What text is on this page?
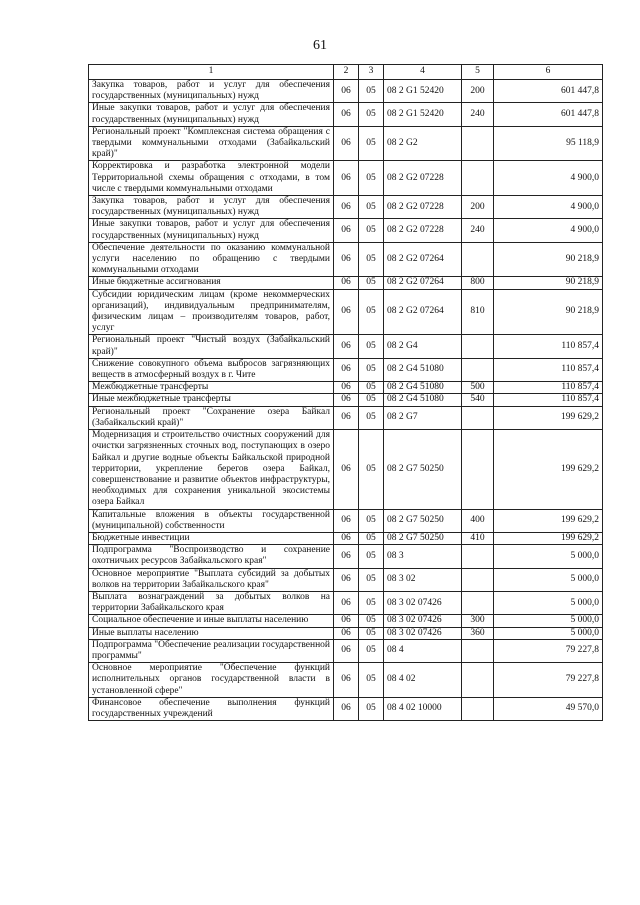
61
1	2	3	4	5	6
Закупка товаров, работ и услуг для обеспечения государственных (муниципальных) нужд	06	05	08 2 G1 52420	200	601 447,8
Иные закупки товаров, работ и услуг для обеспечения государственных (муниципальных) нужд	06	05	08 2 G1 52420	240	601 447,8
Региональный проект "Комплексная система обращения с твердыми коммунальными отходами (Забайкальский край)"	06	05	08 2 G2		95 118,9
Корректировка и разработка электронной модели Территориальной схемы обращения с отходами, в том числе с твердыми коммунальными отходами	06	05	08 2 G2 07228		4 900,0
Закупка товаров, работ и услуг для обеспечения государственных (муниципальных) нужд	06	05	08 2 G2 07228	200	4 900,0
Иные закупки товаров, работ и услуг для обеспечения государственных (муниципальных) нужд	06	05	08 2 G2 07228	240	4 900,0
Обеспечение деятельности по оказанию коммунальной услуги населению по обращению с твердыми коммунальными отходами	06	05	08 2 G2 07264		90 218,9
Иные бюджетные ассигнования	06	05	08 2 G2 07264	800	90 218,9
Субсидии юридическим лицам (кроме некоммерческих организаций), индивидуальным предпринимателям, физическим лицам – производителям товаров, работ, услуг	06	05	08 2 G2 07264	810	90 218,9
Региональный проект "Чистый воздух (Забайкальский край)"	06	05	08 2 G4		110 857,4
Снижение совокупного объема выбросов загрязняющих веществ в атмосферный воздух в г. Чите	06	05	08 2 G4 51080		110 857,4
Межбюджетные трансферты	06	05	08 2 G4 51080	500	110 857,4
Иные межбюджетные трансферты	06	05	08 2 G4 51080	540	110 857,4
Региональный проект "Сохранение озера Байкал (Забайкальский край)"	06	05	08 2 G7		199 629,2
Модернизация и строительство очистных сооружений для очистки загрязненных сточных вод, поступающих в озеро Байкал и другие водные объекты Байкальской природной территории, укрепление берегов озера Байкал, совершенствование и развитие объектов инфраструктуры, необходимых для сохранения уникальной экосистемы озера Байкал	06	05	08 2 G7 50250		199 629,2
Капитальные вложения в объекты государственной (муниципальной) собственности	06	05	08 2 G7 50250	400	199 629,2
Бюджетные инвестиции	06	05	08 2 G7 50250	410	199 629,2
Подпрограмма "Воспроизводство и сохранение охотничьих ресурсов Забайкальского края"	06	05	08 3		5 000,0
Основное мероприятие "Выплата субсидий за добытых волков на территории Забайкальского края"	06	05	08 3 02		5 000,0
Выплата вознаграждений за добытых волков на территории Забайкальского края	06	05	08 3 02 07426		5 000,0
Социальное обеспечение и иные выплаты населению	06	05	08 3 02 07426	300	5 000,0
Иные выплаты населению	06	05	08 3 02 07426	360	5 000,0
Подпрограмма "Обеспечение реализации государственной программы"	06	05	08 4		79 227,8
Основное мероприятие "Обеспечение функций исполнительных органов государственной власти в установленной сфере"	06	05	08 4 02		79 227,8
Финансовое обеспечение выполнения функций государственных учреждений	06	05	08 4 02 10000		49 570,0
